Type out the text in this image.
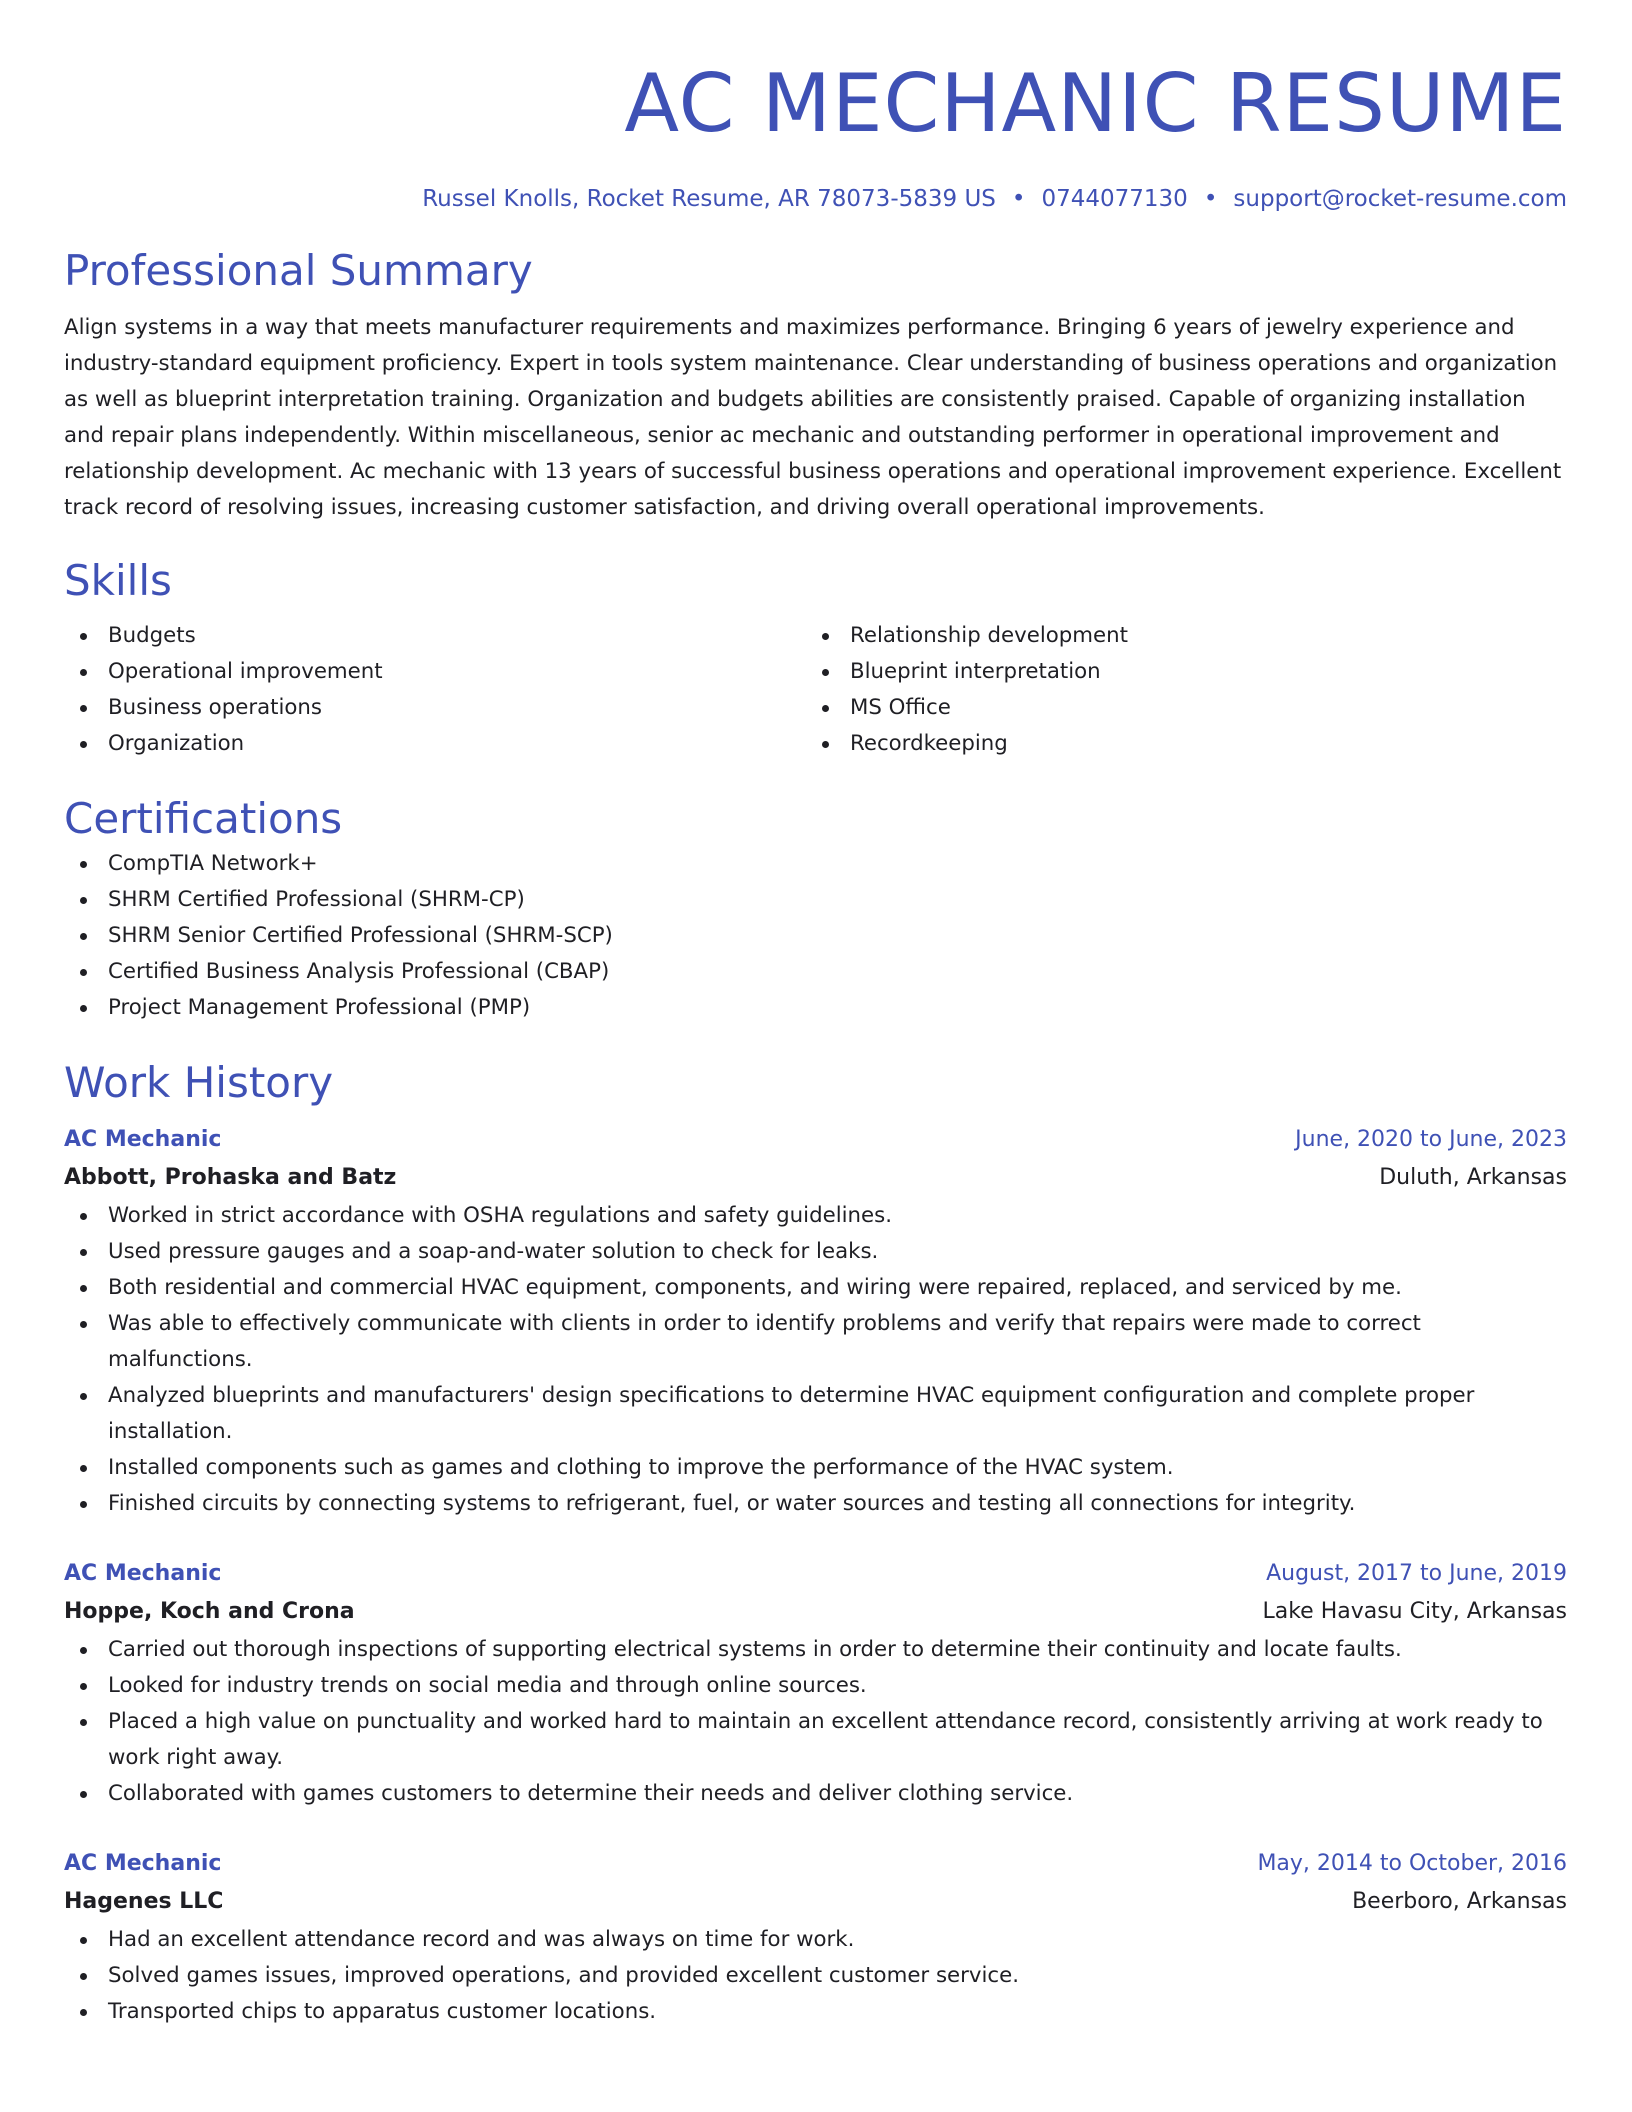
AC MECHANIC RESUME
Russel Knolls, Rocket Resume, AR 78073-5839 US • 0744077130 • support@rocket-resume.com
Professional Summary
Align systems in a way that meets manufacturer requirements and maximizes performance. Bringing 6 years of jewelry experience and industry-standard equipment proficiency. Expert in tools system maintenance. Clear understanding of business operations and organization as well as blueprint interpretation training. Organization and budgets abilities are consistently praised. Capable of organizing installation and repair plans independently. Within miscellaneous, senior ac mechanic and outstanding performer in operational improvement and relationship development. Ac mechanic with 13 years of successful business operations and operational improvement experience. Excellent track record of resolving issues, increasing customer satisfaction, and driving overall operational improvements.
Skills
Budgets
Operational improvement
Business operations
Organization
Relationship development
Blueprint interpretation
MS Office
Recordkeeping
Certifications
CompTIA Network+
SHRM Certified Professional (SHRM-CP)
SHRM Senior Certified Professional (SHRM-SCP)
Certified Business Analysis Professional (CBAP)
Project Management Professional (PMP)
Work History
AC Mechanic	June, 2020 to June, 2023
Abbott, Prohaska and Batz	Duluth, Arkansas
Worked in strict accordance with OSHA regulations and safety guidelines.
Used pressure gauges and a soap-and-water solution to check for leaks.
Both residential and commercial HVAC equipment, components, and wiring were repaired, replaced, and serviced by me.
Was able to effectively communicate with clients in order to identify problems and verify that repairs were made to correct malfunctions.
Analyzed blueprints and manufacturers' design specifications to determine HVAC equipment configuration and complete proper installation.
Installed components such as games and clothing to improve the performance of the HVAC system.
Finished circuits by connecting systems to refrigerant, fuel, or water sources and testing all connections for integrity.
AC Mechanic	August, 2017 to June, 2019
Hoppe, Koch and Crona	Lake Havasu City, Arkansas
Carried out thorough inspections of supporting electrical systems in order to determine their continuity and locate faults.
Looked for industry trends on social media and through online sources.
Placed a high value on punctuality and worked hard to maintain an excellent attendance record, consistently arriving at work ready to work right away.
Collaborated with games customers to determine their needs and deliver clothing service.
AC Mechanic	May, 2014 to October, 2016
Hagenes LLC	Beerboro, Arkansas
Had an excellent attendance record and was always on time for work.
Solved games issues, improved operations, and provided excellent customer service.
Transported chips to apparatus customer locations.
